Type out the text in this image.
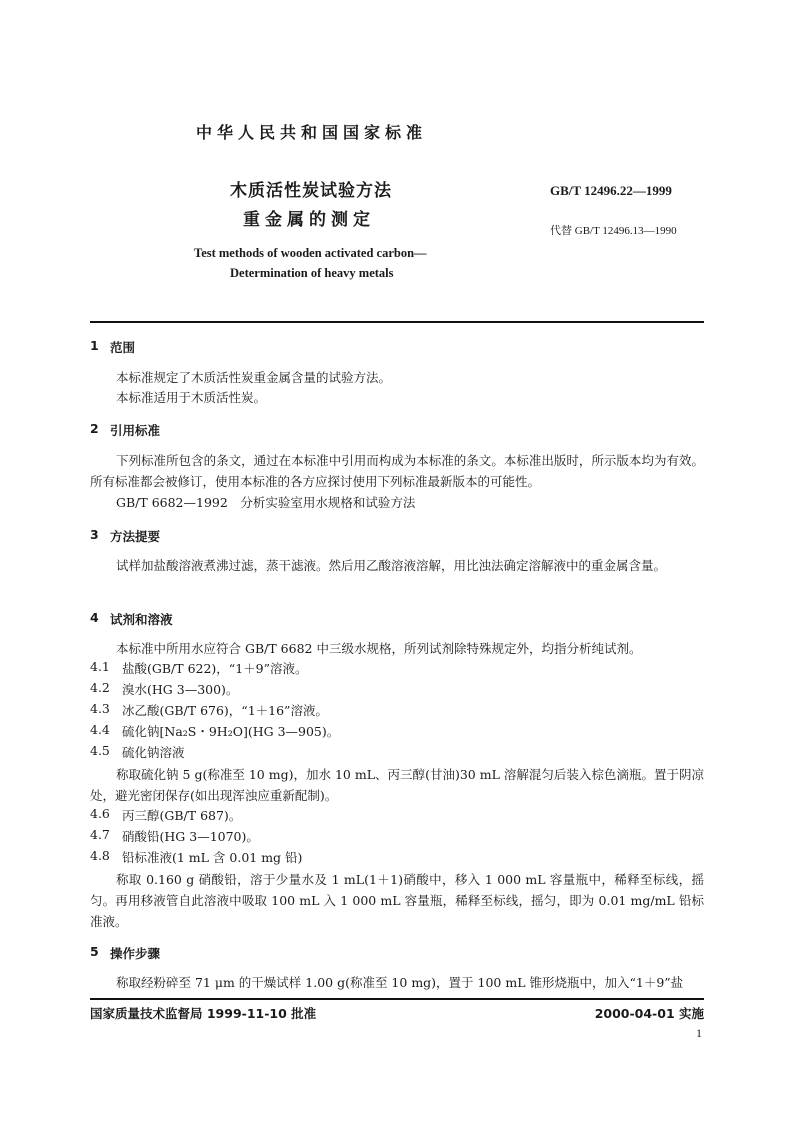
中华人民共和国国家标准
木质活性炭试验方法
重金属的测定
GB/T 12496.22—1999
代替 GB/T 12496.13—1990
Test methods of wooden activated carbon—
Determination of heavy metals
1 范围
本标准规定了木质活性炭重金属含量的试验方法。
本标准适用于木质活性炭。
2 引用标准
下列标准所包含的条文，通过在本标准中引用而构成为本标准的条文。本标准出版时，所示版本均为有效。所有标准都会被修订，使用本标准的各方应探讨使用下列标准最新版本的可能性。
GB/T 6682—1992　分析实验室用水规格和试验方法
3 方法提要
试样加盐酸溶液煮沸过滤，蒸干滤液。然后用乙酸溶液溶解，用比浊法确定溶解液中的重金属含量。
4 试剂和溶液
本标准中所用水应符合 GB/T 6682 中三级水规格，所列试剂除特殊规定外，均指分析纯试剂。
4.1 盐酸(GB/T 622)，“1＋9”溶液。
4.2 溴水(HG 3—300)。
4.3 冰乙酸(GB/T 676)，“1＋16”溶液。
4.4 硫化钠[Na₂S・9H₂O](HG 3—905)。
4.5 硫化钠溶液
称取硫化钠 5 g(称准至 10 mg)，加水 10 mL、丙三醇(甘油)30 mL 溶解混匀后装入棕色滴瓶。置于阴凉处，避光密闭保存(如出现浑浊应重新配制)。
4.6 丙三醇(GB/T 687)。
4.7 硝酸铅(HG 3—1070)。
4.8 铅标准液(1 mL 含 0.01 mg 铅)
称取 0.160 g 硝酸铅，溶于少量水及 1 mL(1＋1)硝酸中，移入 1 000 mL 容量瓶中，稀释至标线，摇匀。再用移液管自此溶液中吸取 100 mL 入 1 000 mL 容量瓶，稀释至标线，摇匀，即为 0.01 mg/mL 铅标准液。
5 操作步骤
称取经粉碎至 71 μm 的干燥试样 1.00 g(称准至 10 mg)，置于 100 mL 锥形烧瓶中，加入“1＋9”盐
国家质量技术监督局 1999-11-10 批准	2000-04-01 实施
1
